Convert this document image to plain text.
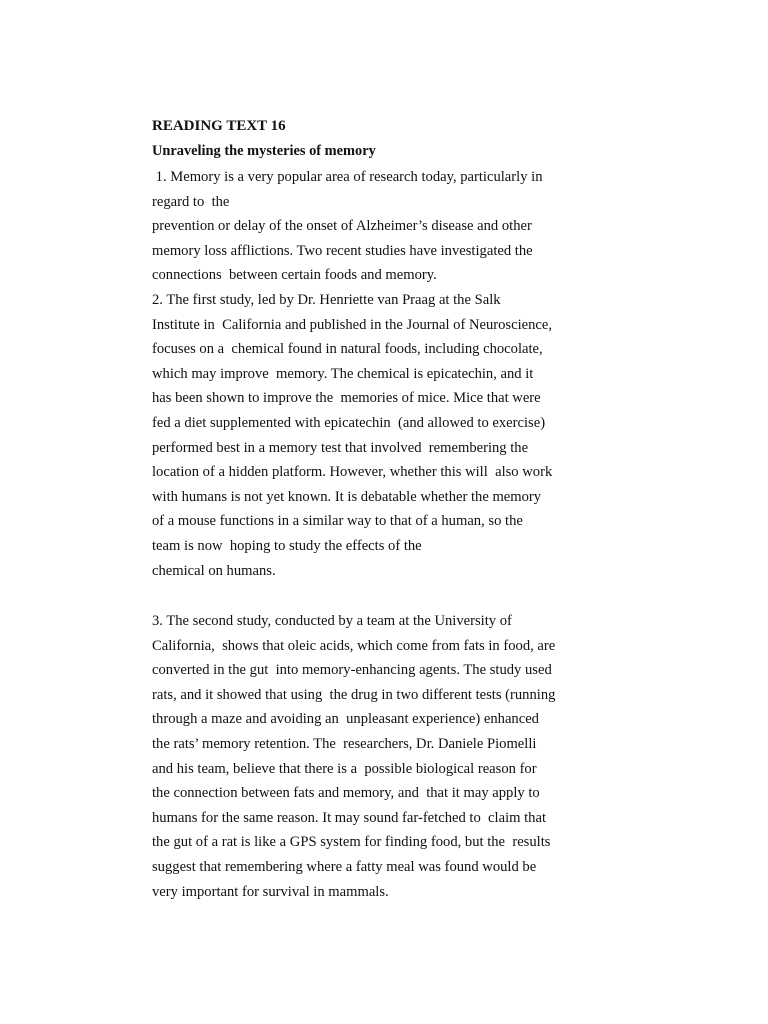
READING TEXT 16
Unraveling the mysteries of memory
1. Memory is a very popular area of research today, particularly in
regard to  the
prevention or delay of the onset of Alzheimer’s disease and other
memory loss afflictions. Two recent studies have investigated the
connections  between certain foods and memory.
2. The first study, led by Dr. Henriette van Praag at the Salk
Institute in  California and published in the Journal of Neuroscience,
focuses on a  chemical found in natural foods, including chocolate,
which may improve  memory. The chemical is epicatechin, and it
has been shown to improve the  memories of mice. Mice that were
fed a diet supplemented with epicatechin  (and allowed to exercise)
performed best in a memory test that involved  remembering the
location of a hidden platform. However, whether this will  also work
with humans is not yet known. It is debatable whether the memory
of a mouse functions in a similar way to that of a human, so the
team is now  hoping to study the effects of the
chemical on humans.
3. The second study, conducted by a team at the University of
California,  shows that oleic acids, which come from fats in food, are
converted in the gut  into memory-enhancing agents. The study used
rats, and it showed that using  the drug in two different tests (running
through a maze and avoiding an  unpleasant experience) enhanced
the rats’ memory retention. The  researchers, Dr. Daniele Piomelli
and his team, believe that there is a  possible biological reason for
the connection between fats and memory, and  that it may apply to
humans for the same reason. It may sound far-fetched to  claim that
the gut of a rat is like a GPS system for finding food, but the  results
suggest that remembering where a fatty meal was found would be
very important for survival in mammals.
